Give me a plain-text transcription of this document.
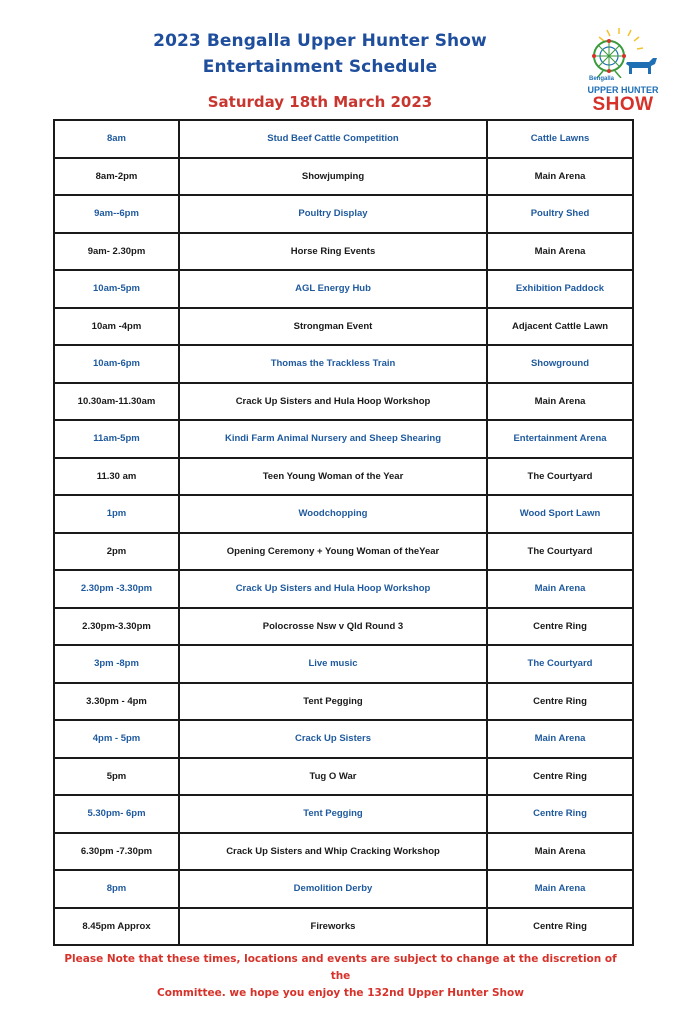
2023 Bengalla Upper Hunter Show
Entertainment Schedule
Saturday 18th March 2023
Bengalla
UPPER HUNTER
SHOW
8am	Stud Beef Cattle Competition	Cattle Lawns
8am-2pm	Showjumping	Main Arena
9am--6pm	Poultry Display	Poultry Shed
9am- 2.30pm	Horse Ring Events	Main Arena
10am-5pm	AGL Energy Hub	Exhibition Paddock
10am -4pm	Strongman Event	Adjacent Cattle Lawn
10am-6pm	Thomas the Trackless Train	Showground
10.30am-11.30am	Crack Up Sisters and Hula Hoop Workshop	Main Arena
11am-5pm	Kindi Farm Animal Nursery and Sheep Shearing	Entertainment Arena
11.30 am	Teen Young Woman of the Year	The Courtyard
1pm	Woodchopping	Wood Sport Lawn
2pm	Opening Ceremony + Young Woman of theYear	The Courtyard
2.30pm -3.30pm	Crack Up Sisters and Hula Hoop Workshop	Main Arena
2.30pm-3.30pm	Polocrosse Nsw v Qld Round 3	Centre Ring
3pm -8pm	Live music	The Courtyard
3.30pm - 4pm	Tent Pegging	Centre Ring
4pm - 5pm	Crack Up Sisters	Main Arena
5pm	Tug O War	Centre Ring
5.30pm- 6pm	Tent Pegging	Centre Ring
6.30pm -7.30pm	Crack Up Sisters and Whip Cracking Workshop	Main Arena
8pm	Demolition Derby	Main Arena
8.45pm Approx	Fireworks	Centre Ring
Please Note that these times, locations and events are subject to change at the discretion of the
Committee. we hope you enjoy the 132nd Upper Hunter Show
